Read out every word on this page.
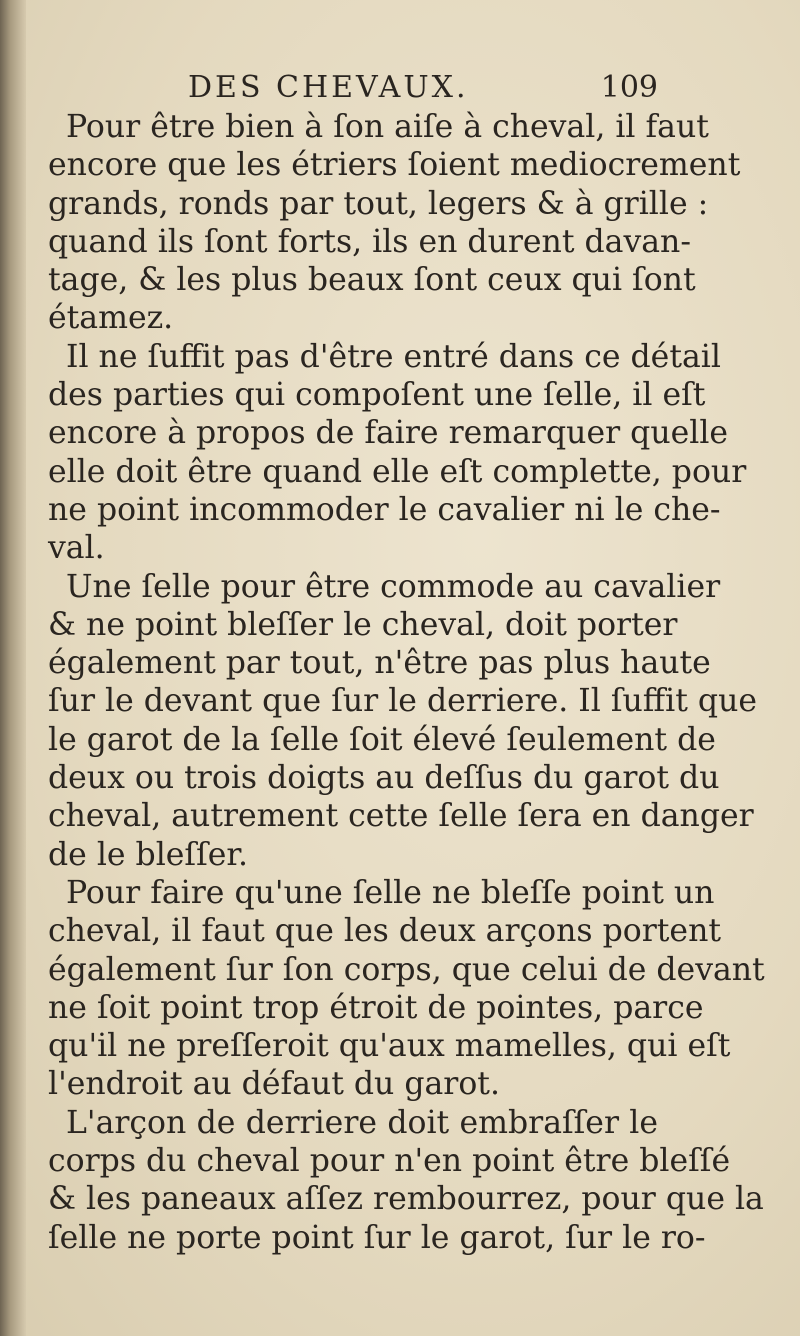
DES CHEVAUX.	109

Pour être bien à ſon aiſe à cheval, il faut
encore que les étriers ſoient mediocrement
grands, ronds par tout, legers & à grille :
quand ils ſont forts, ils en durent davan-
tage, & les plus beaux ſont ceux qui ſont
étamez.

Il ne ſuffit pas d'être entré dans ce détail
des parties qui compoſent une ſelle, il eſt
encore à propos de faire remarquer quelle
elle doit être quand elle eſt complette, pour
ne point incommoder le cavalier ni le che-
val.

Une ſelle pour être commode au cavalier
& ne point bleſſer le cheval, doit porter
également par tout, n'être pas plus haute
ſur le devant que ſur le derriere. Il ſuffit que
le garot de la ſelle ſoit élevé ſeulement de
deux ou trois doigts au deſſus du garot du
cheval, autrement cette ſelle ſera en danger
de le bleſſer.

Pour faire qu'une ſelle ne bleſſe point un
cheval, il faut que les deux arçons portent
également ſur ſon corps, que celui de devant
ne ſoit point trop étroit de pointes, parce
qu'il ne preſſeroit qu'aux mamelles, qui eſt
l'endroit au défaut du garot.

L'arçon de derriere doit embraſſer le
corps du cheval pour n'en point être bleſſé
& les paneaux aſſez rembourrez, pour que la
ſelle ne porte point ſur le garot, ſur le ro-
